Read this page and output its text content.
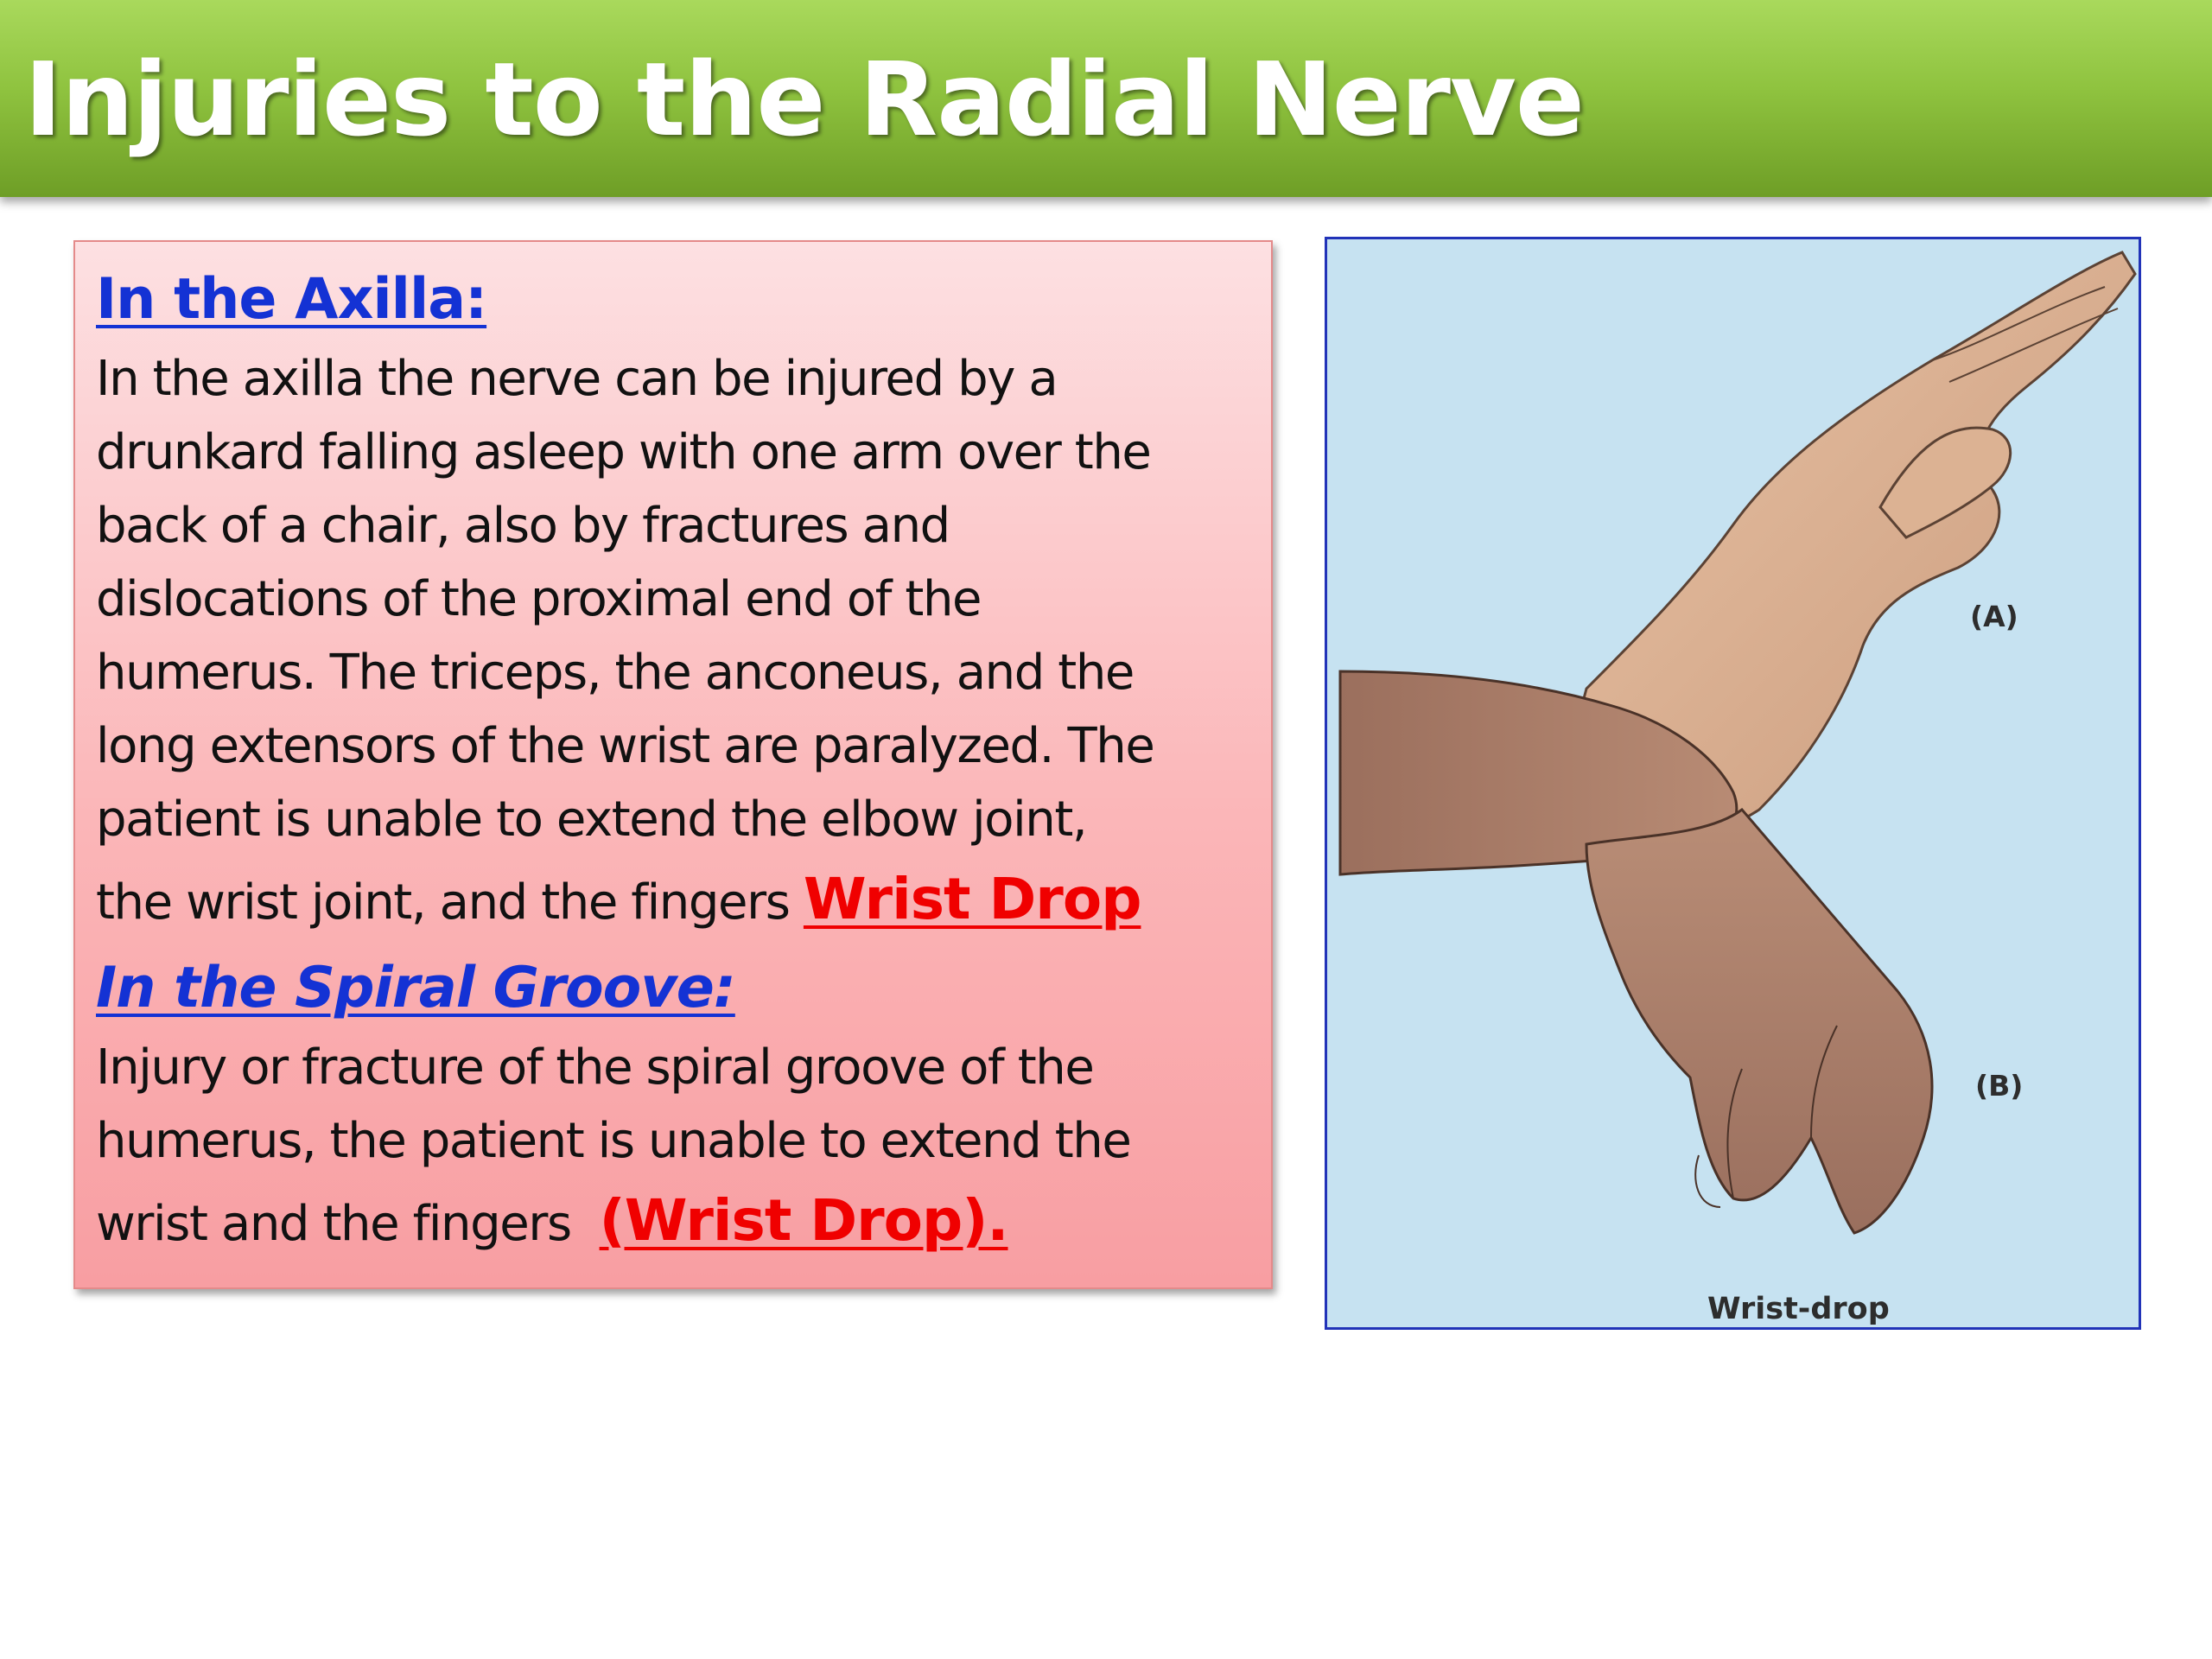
Injuries to the Radial Nerve
In the Axilla:

In the axilla the nerve can be injured by a

drunkard falling asleep with one arm over the

back of a chair, also by fractures and

dislocations of the proximal end of the

humerus. The triceps, the anconeus, and the

long extensors of the wrist are paralyzed. The

patient is unable to extend the elbow joint,

the wrist joint, and the fingers Wrist Drop

In the Spiral Groove:

Injury or fracture of the spiral groove of the

humerus, the patient is unable to extend the

wrist and the fingers (Wrist Drop).

(A)
(B)
Wrist-drop
